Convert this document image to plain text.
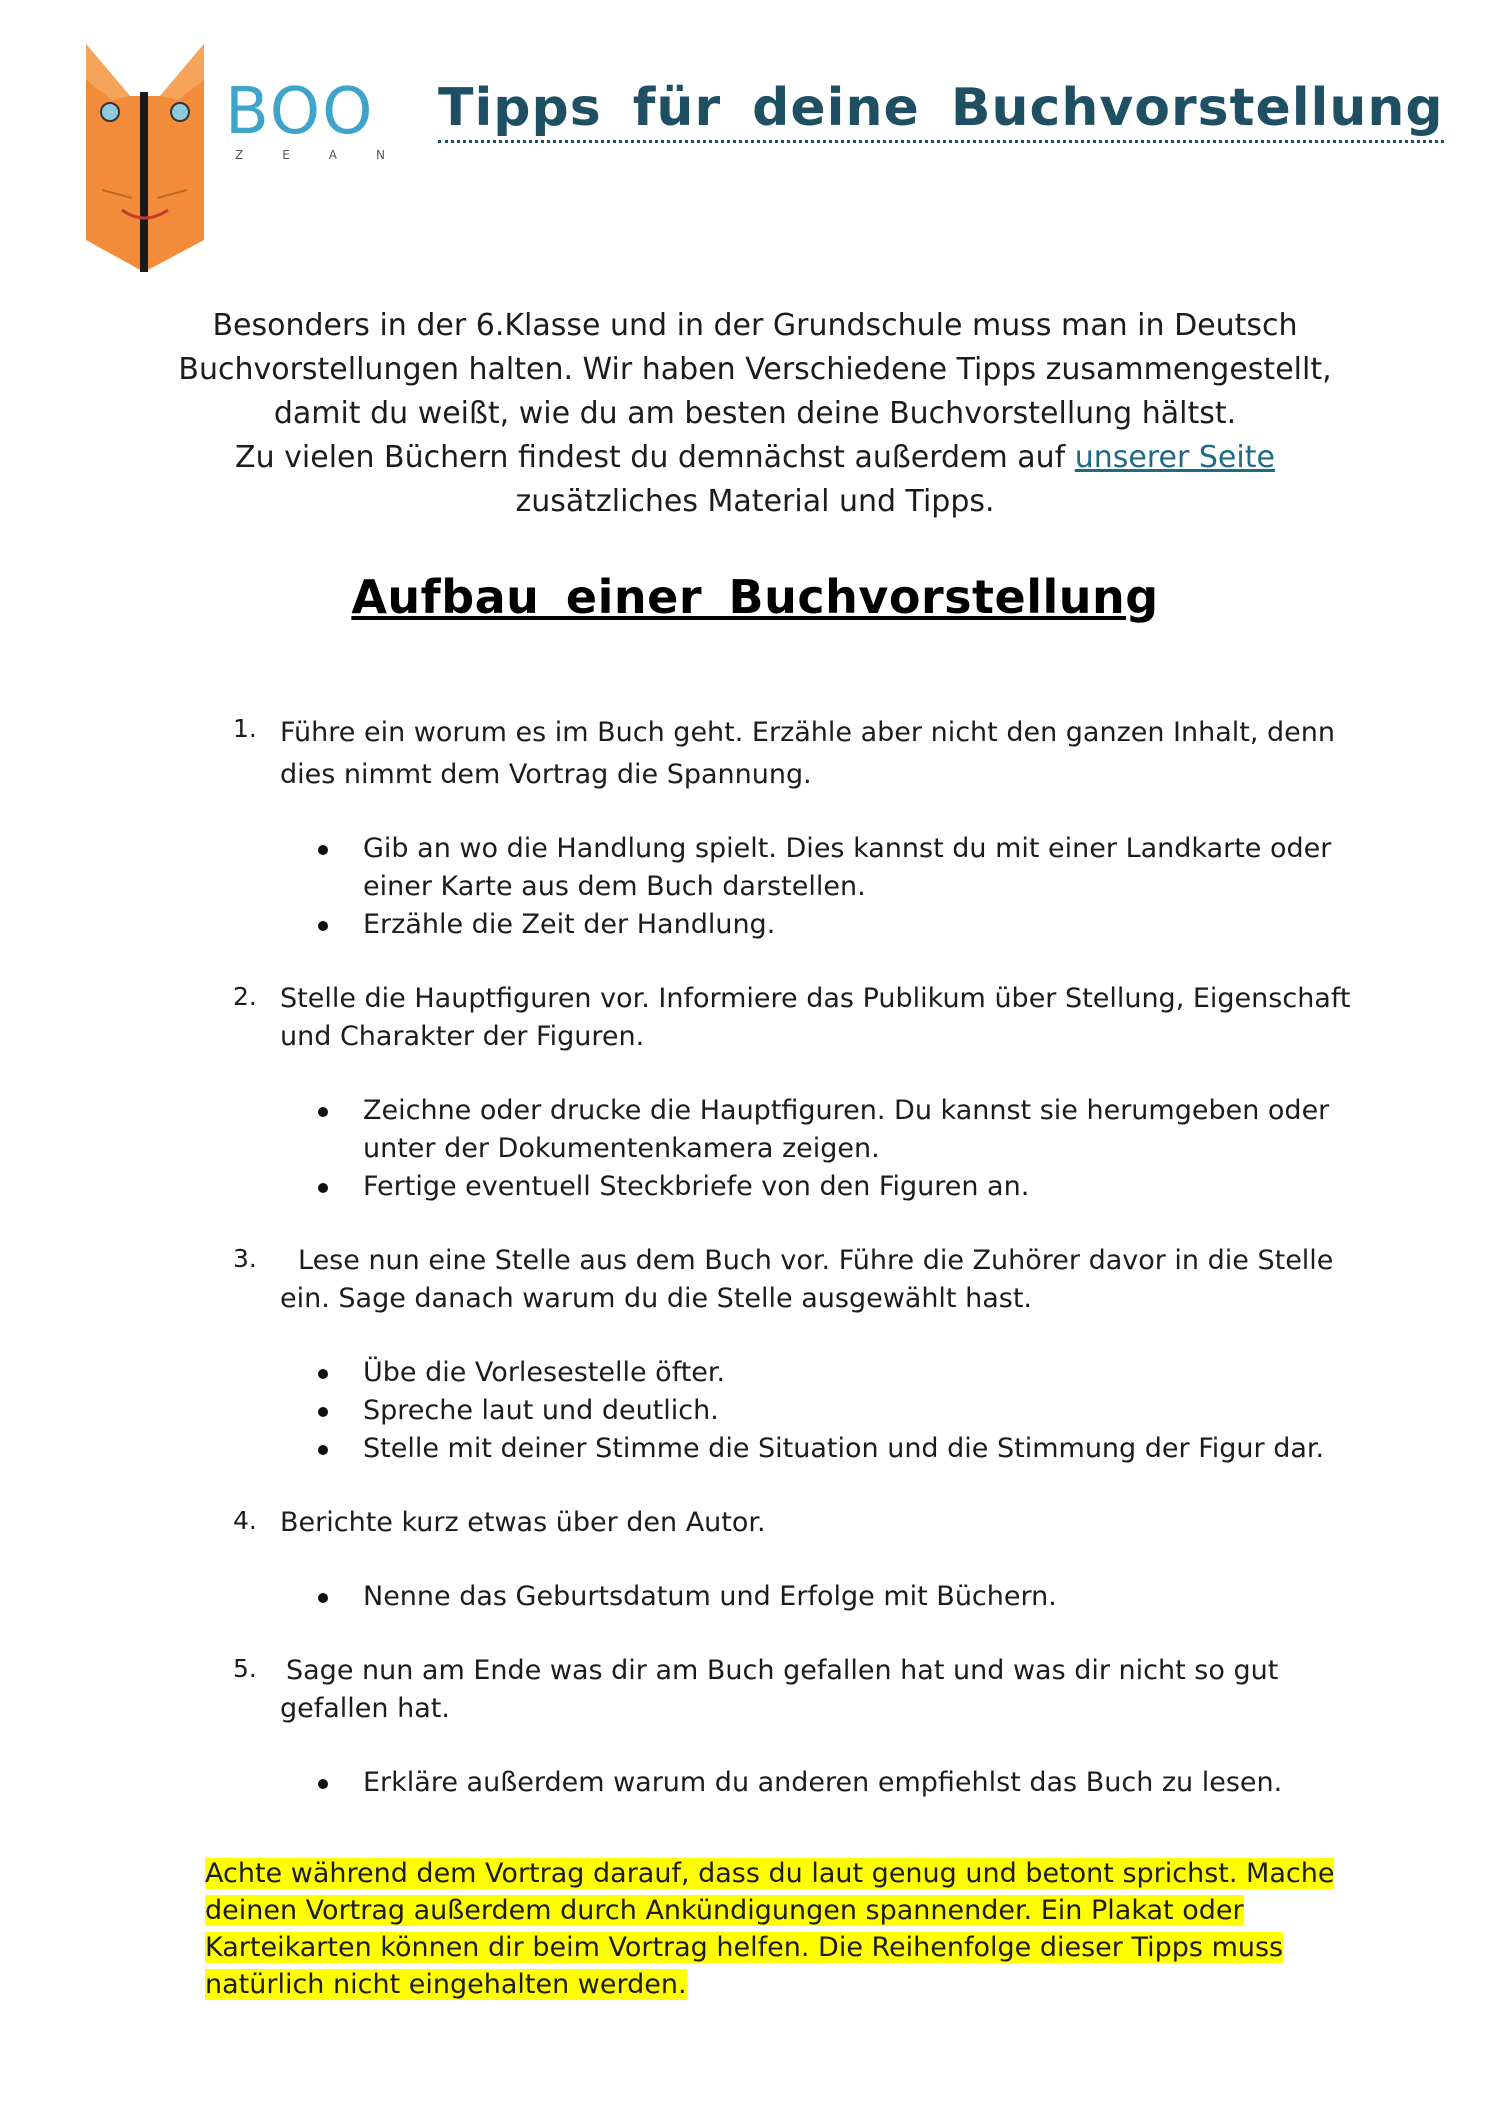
BOO
Z	E	A	N
Tipps für deine Buchvorstellung

Besonders in der 6.Klasse und in der Grundschule muss man in Deutsch
Buchvorstellungen halten. Wir haben Verschiedene Tipps zusammengestellt,
damit du weißt, wie du am besten deine Buchvorstellung hältst.
Zu vielen Büchern findest du demnächst außerdem auf unserer Seite
zusätzliches Material und Tipps.

Aufbau einer Buchvorstellung
1. Führe ein worum es im Buch geht. Erzähle aber nicht den ganzen Inhalt, denn dies nimmt dem Vortrag die Spannung.
Gib an wo die Handlung spielt. Dies kannst du mit einer Landkarte oder einer Karte aus dem Buch darstellen.
Erzähle die Zeit der Handlung.
2. Stelle die Hauptfiguren vor. Informiere das Publikum über Stellung, Eigenschaft und Charakter der Figuren.
Zeichne oder drucke die Hauptfiguren. Du kannst sie herumgeben oder unter der Dokumentenkamera zeigen.
Fertige eventuell Steckbriefe von den Figuren an.
3.	Lese nun eine Stelle aus dem Buch vor. Führe die Zuhörer davor in die Stelle ein. Sage danach warum du die Stelle ausgewählt hast.
Übe die Vorlesestelle öfter.
Spreche laut und deutlich.
Stelle mit deiner Stimme die Situation und die Stimmung der Figur dar.
4. Berichte kurz etwas über den Autor.
Nenne das Geburtsdatum und Erfolge mit Büchern.
5. Sage nun am Ende was dir am Buch gefallen hat und was dir nicht so gut gefallen hat.
Erkläre außerdem warum du anderen empfiehlst das Buch zu lesen.

Achte während dem Vortrag darauf, dass du laut genug und betont sprichst. Mache deinen Vortrag außerdem durch Ankündigungen spannender. Ein Plakat oder Karteikarten können dir beim Vortrag helfen. Die Reihenfolge dieser Tipps muss natürlich nicht eingehalten werden.
